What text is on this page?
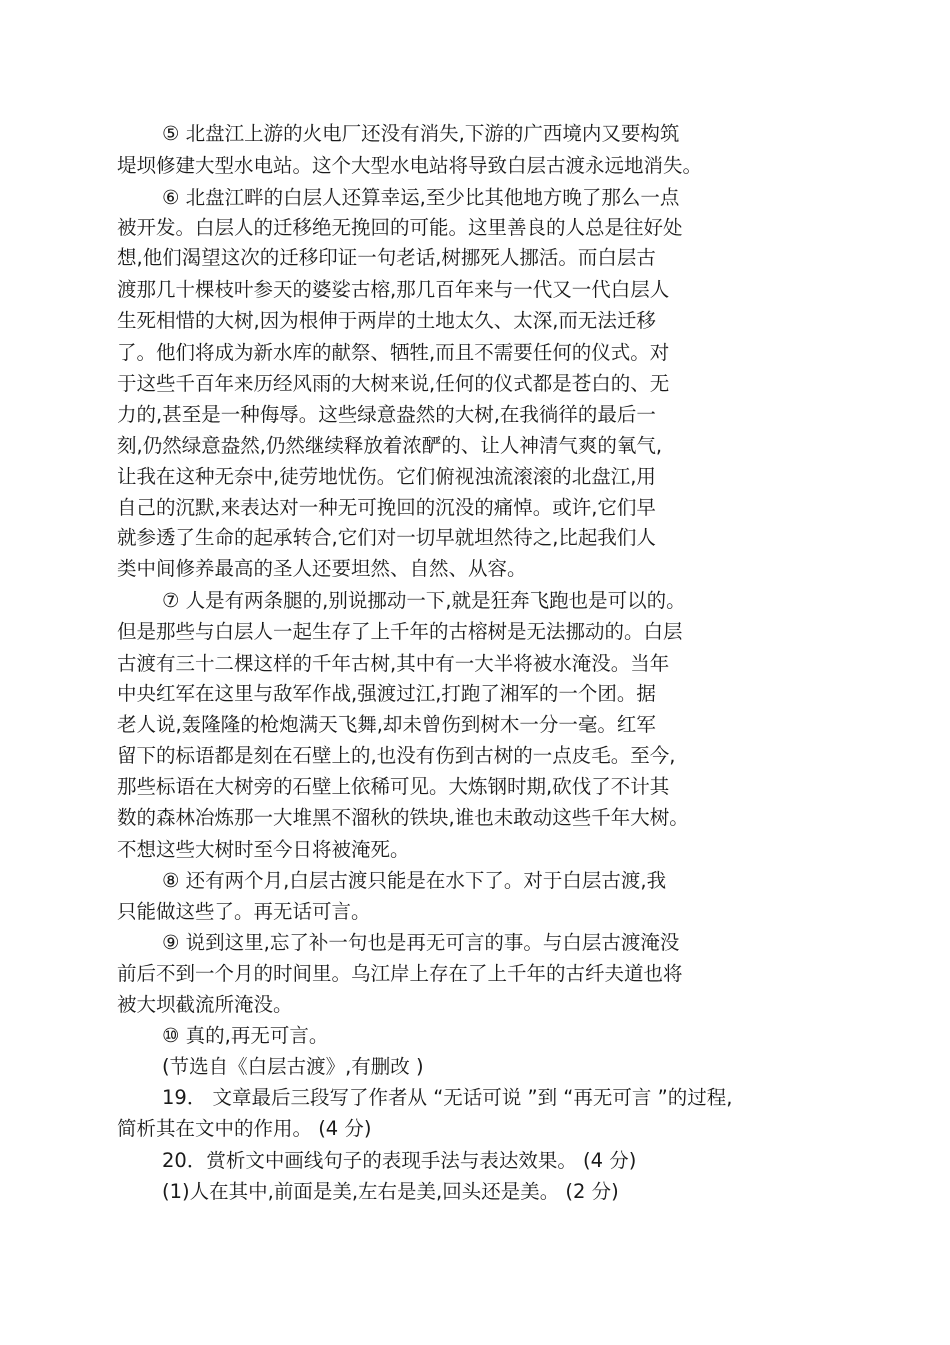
⑤ 北盘江上游的火电厂还没有消失,下游的广西境内又要构筑
堤坝修建大型水电站。这个大型水电站将导致白层古渡永远地消失。
⑥ 北盘江畔的白层人还算幸运,至少比其他地方晚了那么一点
被开发。白层人的迁移绝无挽回的可能。这里善良的人总是往好处
想,他们渴望这次的迁移印证一句老话,树挪死人挪活。而白层古
渡那几十棵枝叶参天的婆娑古榕,那几百年来与一代又一代白层人
生死相惜的大树,因为根伸于两岸的土地太久、太深,而无法迁移
了。他们将成为新水库的献祭、牺牲,而且不需要任何的仪式。对
于这些千百年来历经风雨的大树来说,任何的仪式都是苍白的、无
力的,甚至是一种侮辱。这些绿意盎然的大树,在我徜徉的最后一
刻,仍然绿意盎然,仍然继续释放着浓酽的、让人神清气爽的氧气,
让我在这种无奈中,徒劳地忧伤。它们俯视浊流滚滚的北盘江,用
自己的沉默,来表达对一种无可挽回的沉没的痛悼。或许,它们早
就参透了生命的起承转合,它们对一切早就坦然待之,比起我们人
类中间修养最高的圣人还要坦然、自然、从容。
⑦ 人是有两条腿的,别说挪动一下,就是狂奔飞跑也是可以的。
但是那些与白层人一起生存了上千年的古榕树是无法挪动的。白层
古渡有三十二棵这样的千年古树,其中有一大半将被水淹没。当年
中央红军在这里与敌军作战,强渡过江,打跑了湘军的一个团。据
老人说,轰隆隆的枪炮满天飞舞,却未曾伤到树木一分一毫。红军
留下的标语都是刻在石壁上的,也没有伤到古树的一点皮毛。至今,
那些标语在大树旁的石壁上依稀可见。大炼钢时期,砍伐了不计其
数的森林冶炼那一大堆黑不溜秋的铁块,谁也未敢动这些千年大树。
不想这些大树时至今日将被淹死。
⑧ 还有两个月,白层古渡只能是在水下了。对于白层古渡,我
只能做这些了。再无话可言。
⑨ 说到这里,忘了补一句也是再无可言的事。与白层古渡淹没
前后不到一个月的时间里。乌江岸上存在了上千年的古纤夫道也将
被大坝截流所淹没。
⑩ 真的,再无可言。
(节选自《白层古渡》,有删改 )
19． 文章最后三段写了作者从 “无话可说 ”到 “再无可言 ”的过程,
简析其在文中的作用。 (4 分)
20．赏析文中画线句子的表现手法与表达效果。 (4 分)
(1)人在其中,前面是美,左右是美,回头还是美。 (2 分)
